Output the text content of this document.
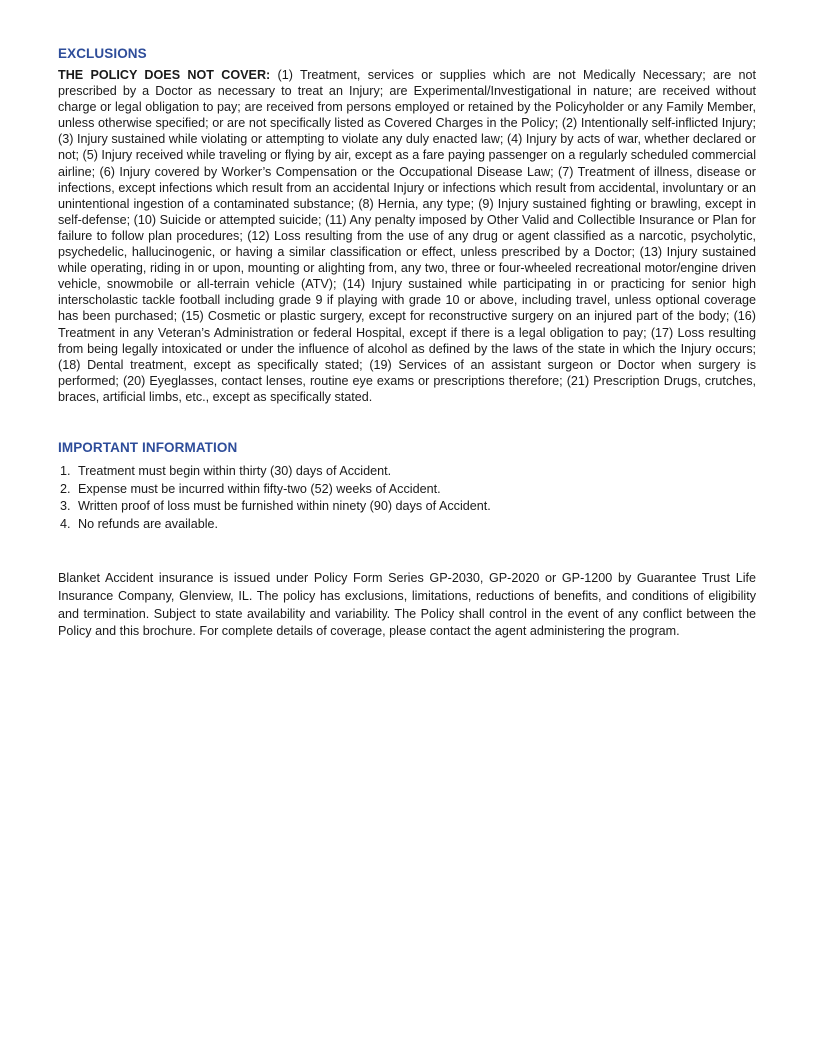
EXCLUSIONS

THE POLICY DOES NOT COVER: (1) Treatment, services or supplies which are not Medically Necessary; are not prescribed by a Doctor as necessary to treat an Injury; are Experimental/Investigational in nature; are received without charge or legal obligation to pay; are received from persons employed or retained by the Policyholder or any Family Member, unless otherwise specified; or are not specifically listed as Covered Charges in the Policy; (2) Intentionally self-inflicted Injury; (3) Injury sustained while violating or attempting to violate any duly enacted law; (4) Injury by acts of war, whether declared or not; (5) Injury received while traveling or flying by air, except as a fare paying passenger on a regularly scheduled commercial airline; (6) Injury covered by Worker’s Compensation or the Occupational Disease Law; (7) Treatment of illness, disease or infections, except infections which result from an accidental Injury or infections which result from accidental, involuntary or an unintentional ingestion of a contaminated substance; (8) Hernia, any type; (9) Injury sustained fighting or brawling, except in self-defense; (10) Suicide or attempted suicide; (11) Any penalty imposed by Other Valid and Collectible Insurance or Plan for failure to follow plan procedures; (12) Loss resulting from the use of any drug or agent classified as a narcotic, psycholytic, psychedelic, hallucinogenic, or having a similar classification or effect, unless prescribed by a Doctor; (13) Injury sustained while operating, riding in or upon, mounting or alighting from, any two, three or four-wheeled recreational motor/engine driven vehicle, snowmobile or all-terrain vehicle (ATV); (14) Injury sustained while participating in or practicing for senior high interscholastic tackle football including grade 9 if playing with grade 10 or above, including travel, unless optional coverage has been purchased; (15) Cosmetic or plastic surgery, except for reconstructive surgery on an injured part of the body; (16) Treatment in any Veteran’s Administration or federal Hospital, except if there is a legal obligation to pay; (17) Loss resulting from being legally intoxicated or under the influence of alcohol as defined by the laws of the state in which the Injury occurs; (18) Dental treatment, except as specifically stated; (19) Services of an assistant surgeon or Doctor when surgery is performed; (20) Eyeglasses, contact lenses, routine eye exams or prescriptions therefore; (21) Prescription Drugs, crutches, braces, artificial limbs, etc., except as specifically stated.

IMPORTANT INFORMATION
1. Treatment must begin within thirty (30) days of Accident.
2. Expense must be incurred within fifty-two (52) weeks of Accident.
3. Written proof of loss must be furnished within ninety (90) days of Accident.
4. No refunds are available.

Blanket Accident insurance is issued under Policy Form Series GP-2030, GP-2020 or GP-1200 by Guarantee Trust Life Insurance Company, Glenview, IL. The policy has exclusions, limitations, reductions of benefits, and conditions of eligibility and termination. Subject to state availability and variability. The Policy shall control in the event of any conflict between the Policy and this brochure. For complete details of coverage, please contact the agent administering the program.
